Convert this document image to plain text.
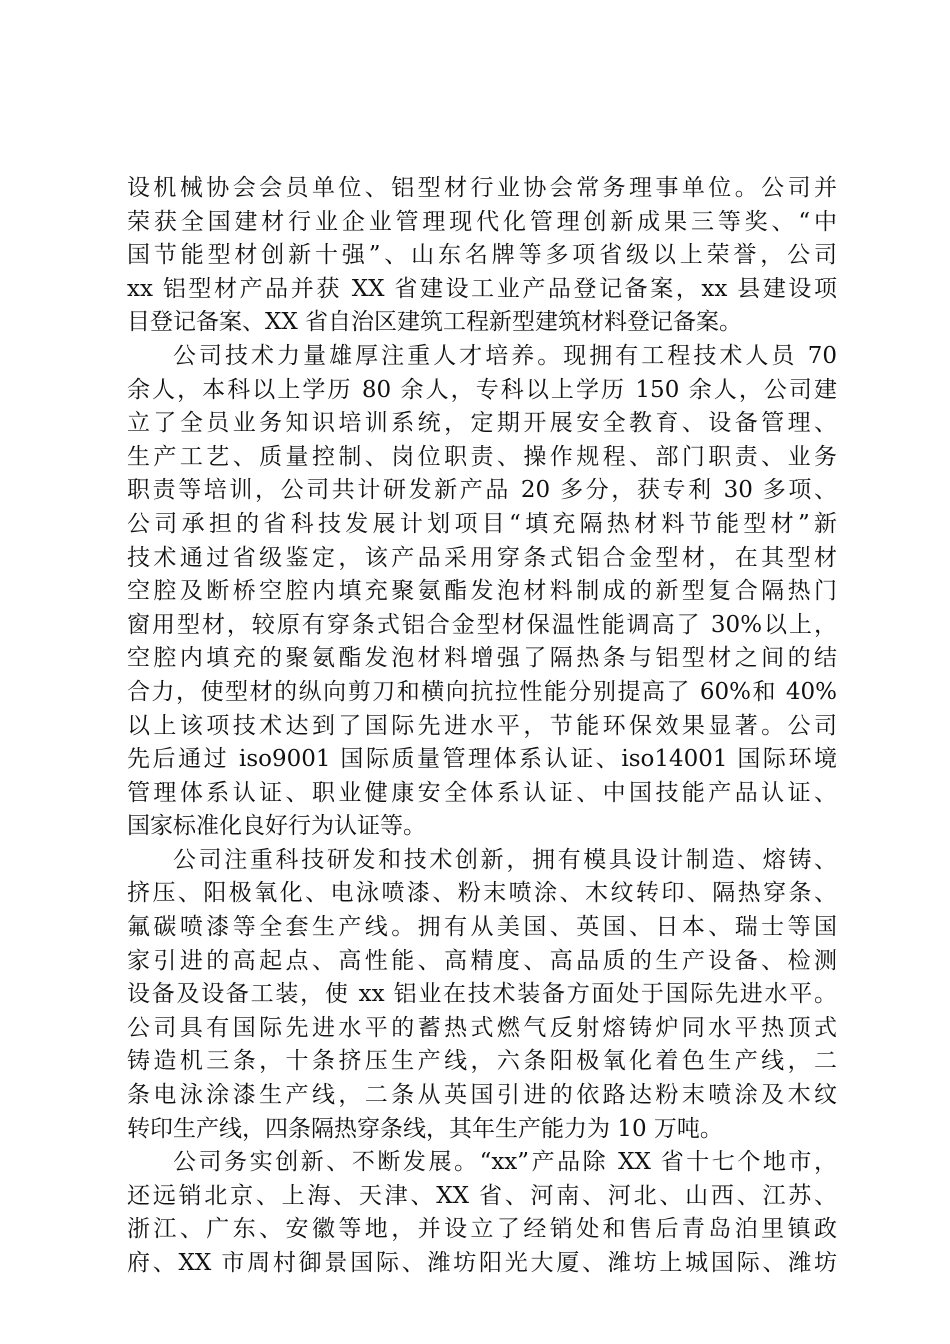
设机械协会会员单位、铝型材行业协会常务理事单位。公司并
荣获全国建材行业企业管理现代化管理创新成果三等奖、“中
国节能型材创新十强”、山东名牌等多项省级以上荣誉，公司
xx 铝型材产品并获 XX 省建设工业产品登记备案，xx 县建设项
目登记备案、XX 省自治区建筑工程新型建筑材料登记备案。
公司技术力量雄厚注重人才培养。现拥有工程技术人员 70
余人，本科以上学历 80 余人，专科以上学历 150 余人，公司建
立了全员业务知识培训系统，定期开展安全教育、设备管理、
生产工艺、质量控制、岗位职责、操作规程、部门职责、业务
职责等培训，公司共计研发新产品 20 多分，获专利 30 多项、
公司承担的省科技发展计划项目“填充隔热材料节能型材”新
技术通过省级鉴定，该产品采用穿条式铝合金型材，在其型材
空腔及断桥空腔内填充聚氨酯发泡材料制成的新型复合隔热门
窗用型材，较原有穿条式铝合金型材保温性能调高了 30%以上，
空腔内填充的聚氨酯发泡材料增强了隔热条与铝型材之间的结
合力，使型材的纵向剪刀和横向抗拉性能分别提高了 60%和 40%
以上该项技术达到了国际先进水平，节能环保效果显著。公司
先后通过 iso9001 国际质量管理体系认证、iso14001 国际环境
管理体系认证、职业健康安全体系认证、中国技能产品认证、
国家标准化良好行为认证等。
公司注重科技研发和技术创新，拥有模具设计制造、熔铸、
挤压、阳极氧化、电泳喷漆、粉末喷涂、木纹转印、隔热穿条、
氟碳喷漆等全套生产线。拥有从美国、英国、日本、瑞士等国
家引进的高起点、高性能、高精度、高品质的生产设备、检测
设备及设备工装，使 xx 铝业在技术装备方面处于国际先进水平。
公司具有国际先进水平的蓄热式燃气反射熔铸炉同水平热顶式
铸造机三条，十条挤压生产线，六条阳极氧化着色生产线，二
条电泳涂漆生产线，二条从英国引进的依路达粉末喷涂及木纹
转印生产线，四条隔热穿条线，其年生产能力为 10 万吨。
公司务实创新、不断发展。“xx”产品除 XX 省十七个地市，
还远销北京、上海、天津、XX 省、河南、河北、山西、江苏、
浙江、广东、安徽等地，并设立了经销处和售后青岛泊里镇政
府、XX 市周村御景国际、潍坊阳光大厦、潍坊上城国际、潍坊
